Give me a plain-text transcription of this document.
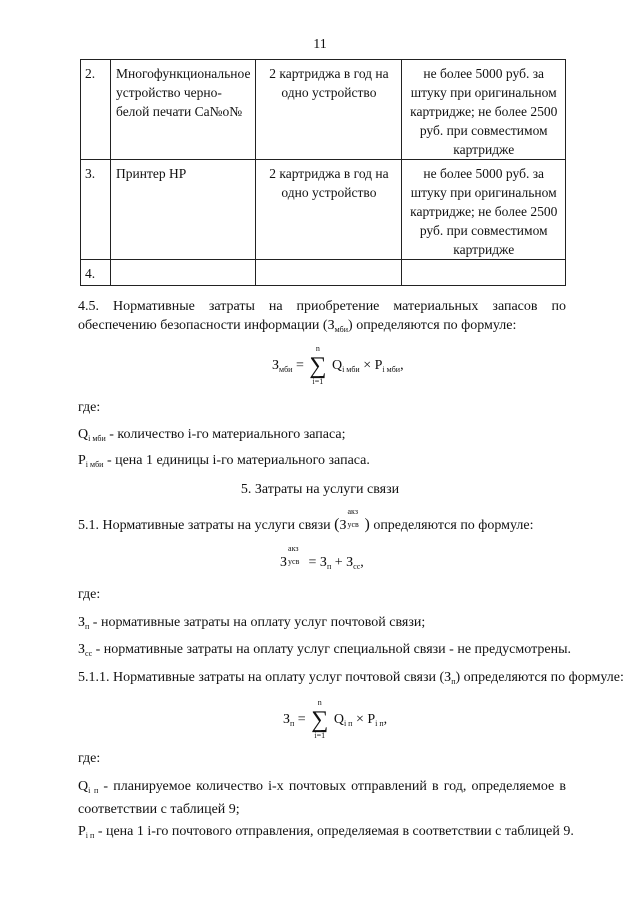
11
2.	Многофункциональное устройство черно-белой печати Ca№o№	2 картриджа в год на одно устройство	не более 5000 руб. за штуку при оригинальном картридже; не более 2500 руб. при совместимом картридже
3.	Принтер HP	2 картриджа в год на одно устройство	не более 5000 руб. за штуку при оригинальном картридже; не более 2500 руб. при совместимом картридже
4.			
4.5. Нормативные затраты на приобретение материальных запасов по обеспечению безопасности информации $(З_{мби})$ определяются по формуле:
$З_{мби}$ = ∑
n
i=1
$Q_{i мби} \times P_{i мби}$,
где:
$Q_{i мби}$ - количество i-го материального запаса;
$P_{i мби}$ - цена 1 единицы i-го материального запаса.
5. Затраты на услуги связи
5.1. Нормативные затраты на услуги связи (З
акз
усв ) определяются по формуле:
З
акз
усв = $З_п + З_{сс}$,
где:
$З_п$ - нормативные затраты на оплату услуг почтовой связи;
$З_{сс}$ - нормативные затраты на оплату услуг специальной связи - не предусмотрены.
5.1.1. Нормативные затраты на оплату услуг почтовой связи $(З_п)$ определяются по формуле:
$З_п$ = ∑
n
i=1
$Q_{i п} \times P_{i п}$,
где:
$Q_{i п}$ - планируемое количество i-х почтовых отправлений в год, определяемое в соответствии с таблицей 9;
$P_{i п}$ - цена 1 i-го почтового отправления, определяемая в соответствии с таблицей 9.
